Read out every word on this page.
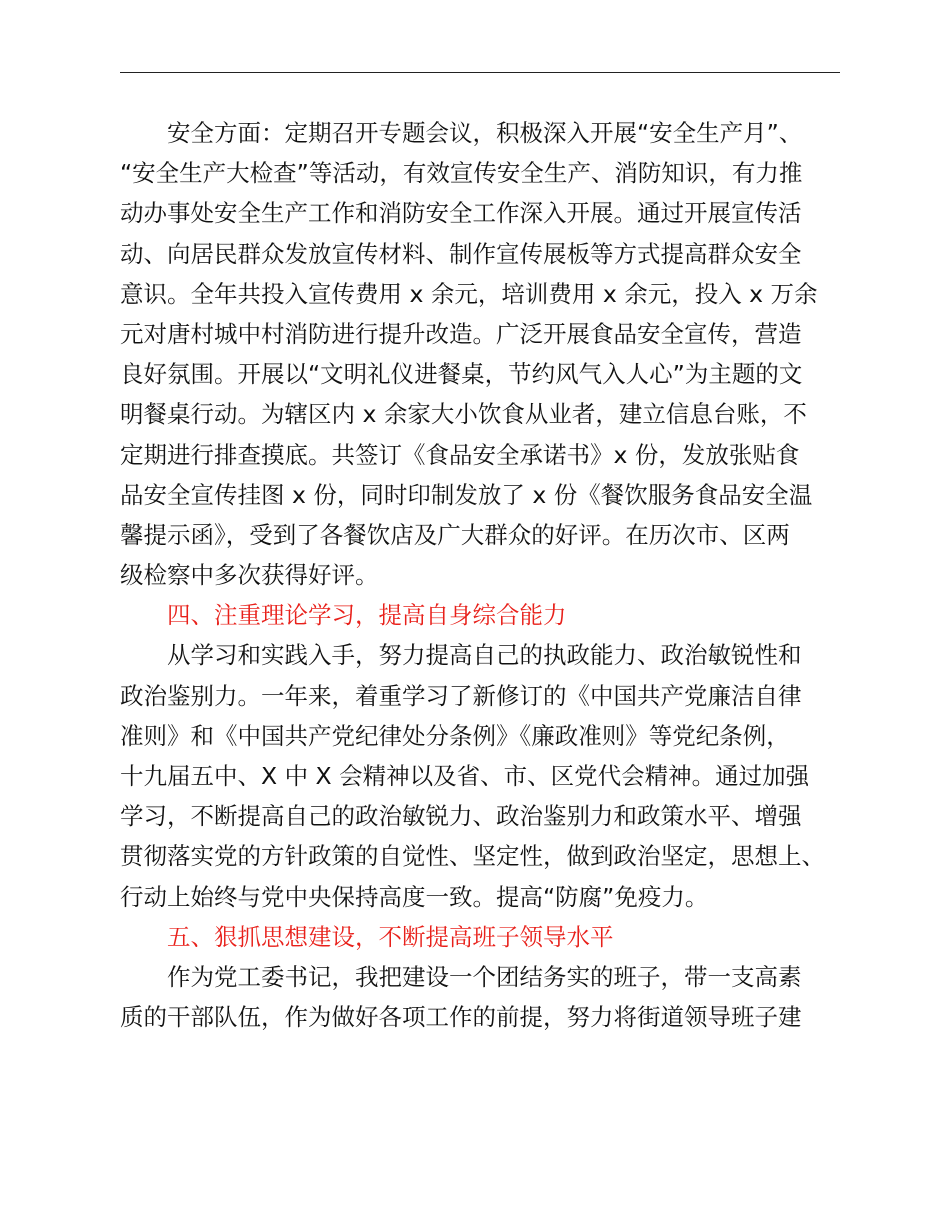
安全方面：定期召开专题会议，积极深入开展“安全生产月”、
“安全生产大检查”等活动，有效宣传安全生产、消防知识，有力推
动办事处安全生产工作和消防安全工作深入开展。通过开展宣传活
动、向居民群众发放宣传材料、制作宣传展板等方式提高群众安全
意识。全年共投入宣传费用 x 余元，培训费用 x 余元，投入 x 万余
元对唐村城中村消防进行提升改造。广泛开展食品安全宣传，营造
良好氛围。开展以“文明礼仪进餐桌，节约风气入人心”为主题的文
明餐桌行动。为辖区内 x 余家大小饮食从业者，建立信息台账，不
定期进行排查摸底。共签订《食品安全承诺书》x 份，发放张贴食
品安全宣传挂图 x 份，同时印制发放了 x 份《餐饮服务食品安全温
馨提示函》，受到了各餐饮店及广大群众的好评。在历次市、区两
级检察中多次获得好评。
四、注重理论学习，提高自身综合能力
从学习和实践入手，努力提高自己的执政能力、政治敏锐性和
政治鉴别力。一年来，着重学习了新修订的《中国共产党廉洁自律
准则》和《中国共产党纪律处分条例》《廉政准则》等党纪条例，
十九届五中、X 中 X 会精神以及省、市、区党代会精神。通过加强
学习，不断提高自己的政治敏锐力、政治鉴别力和政策水平、增强
贯彻落实党的方针政策的自觉性、坚定性，做到政治坚定，思想上、
行动上始终与党中央保持高度一致。提高“防腐”免疫力。
五、狠抓思想建设，不断提高班子领导水平
作为党工委书记，我把建设一个团结务实的班子，带一支高素
质的干部队伍，作为做好各项工作的前提，努力将街道领导班子建
